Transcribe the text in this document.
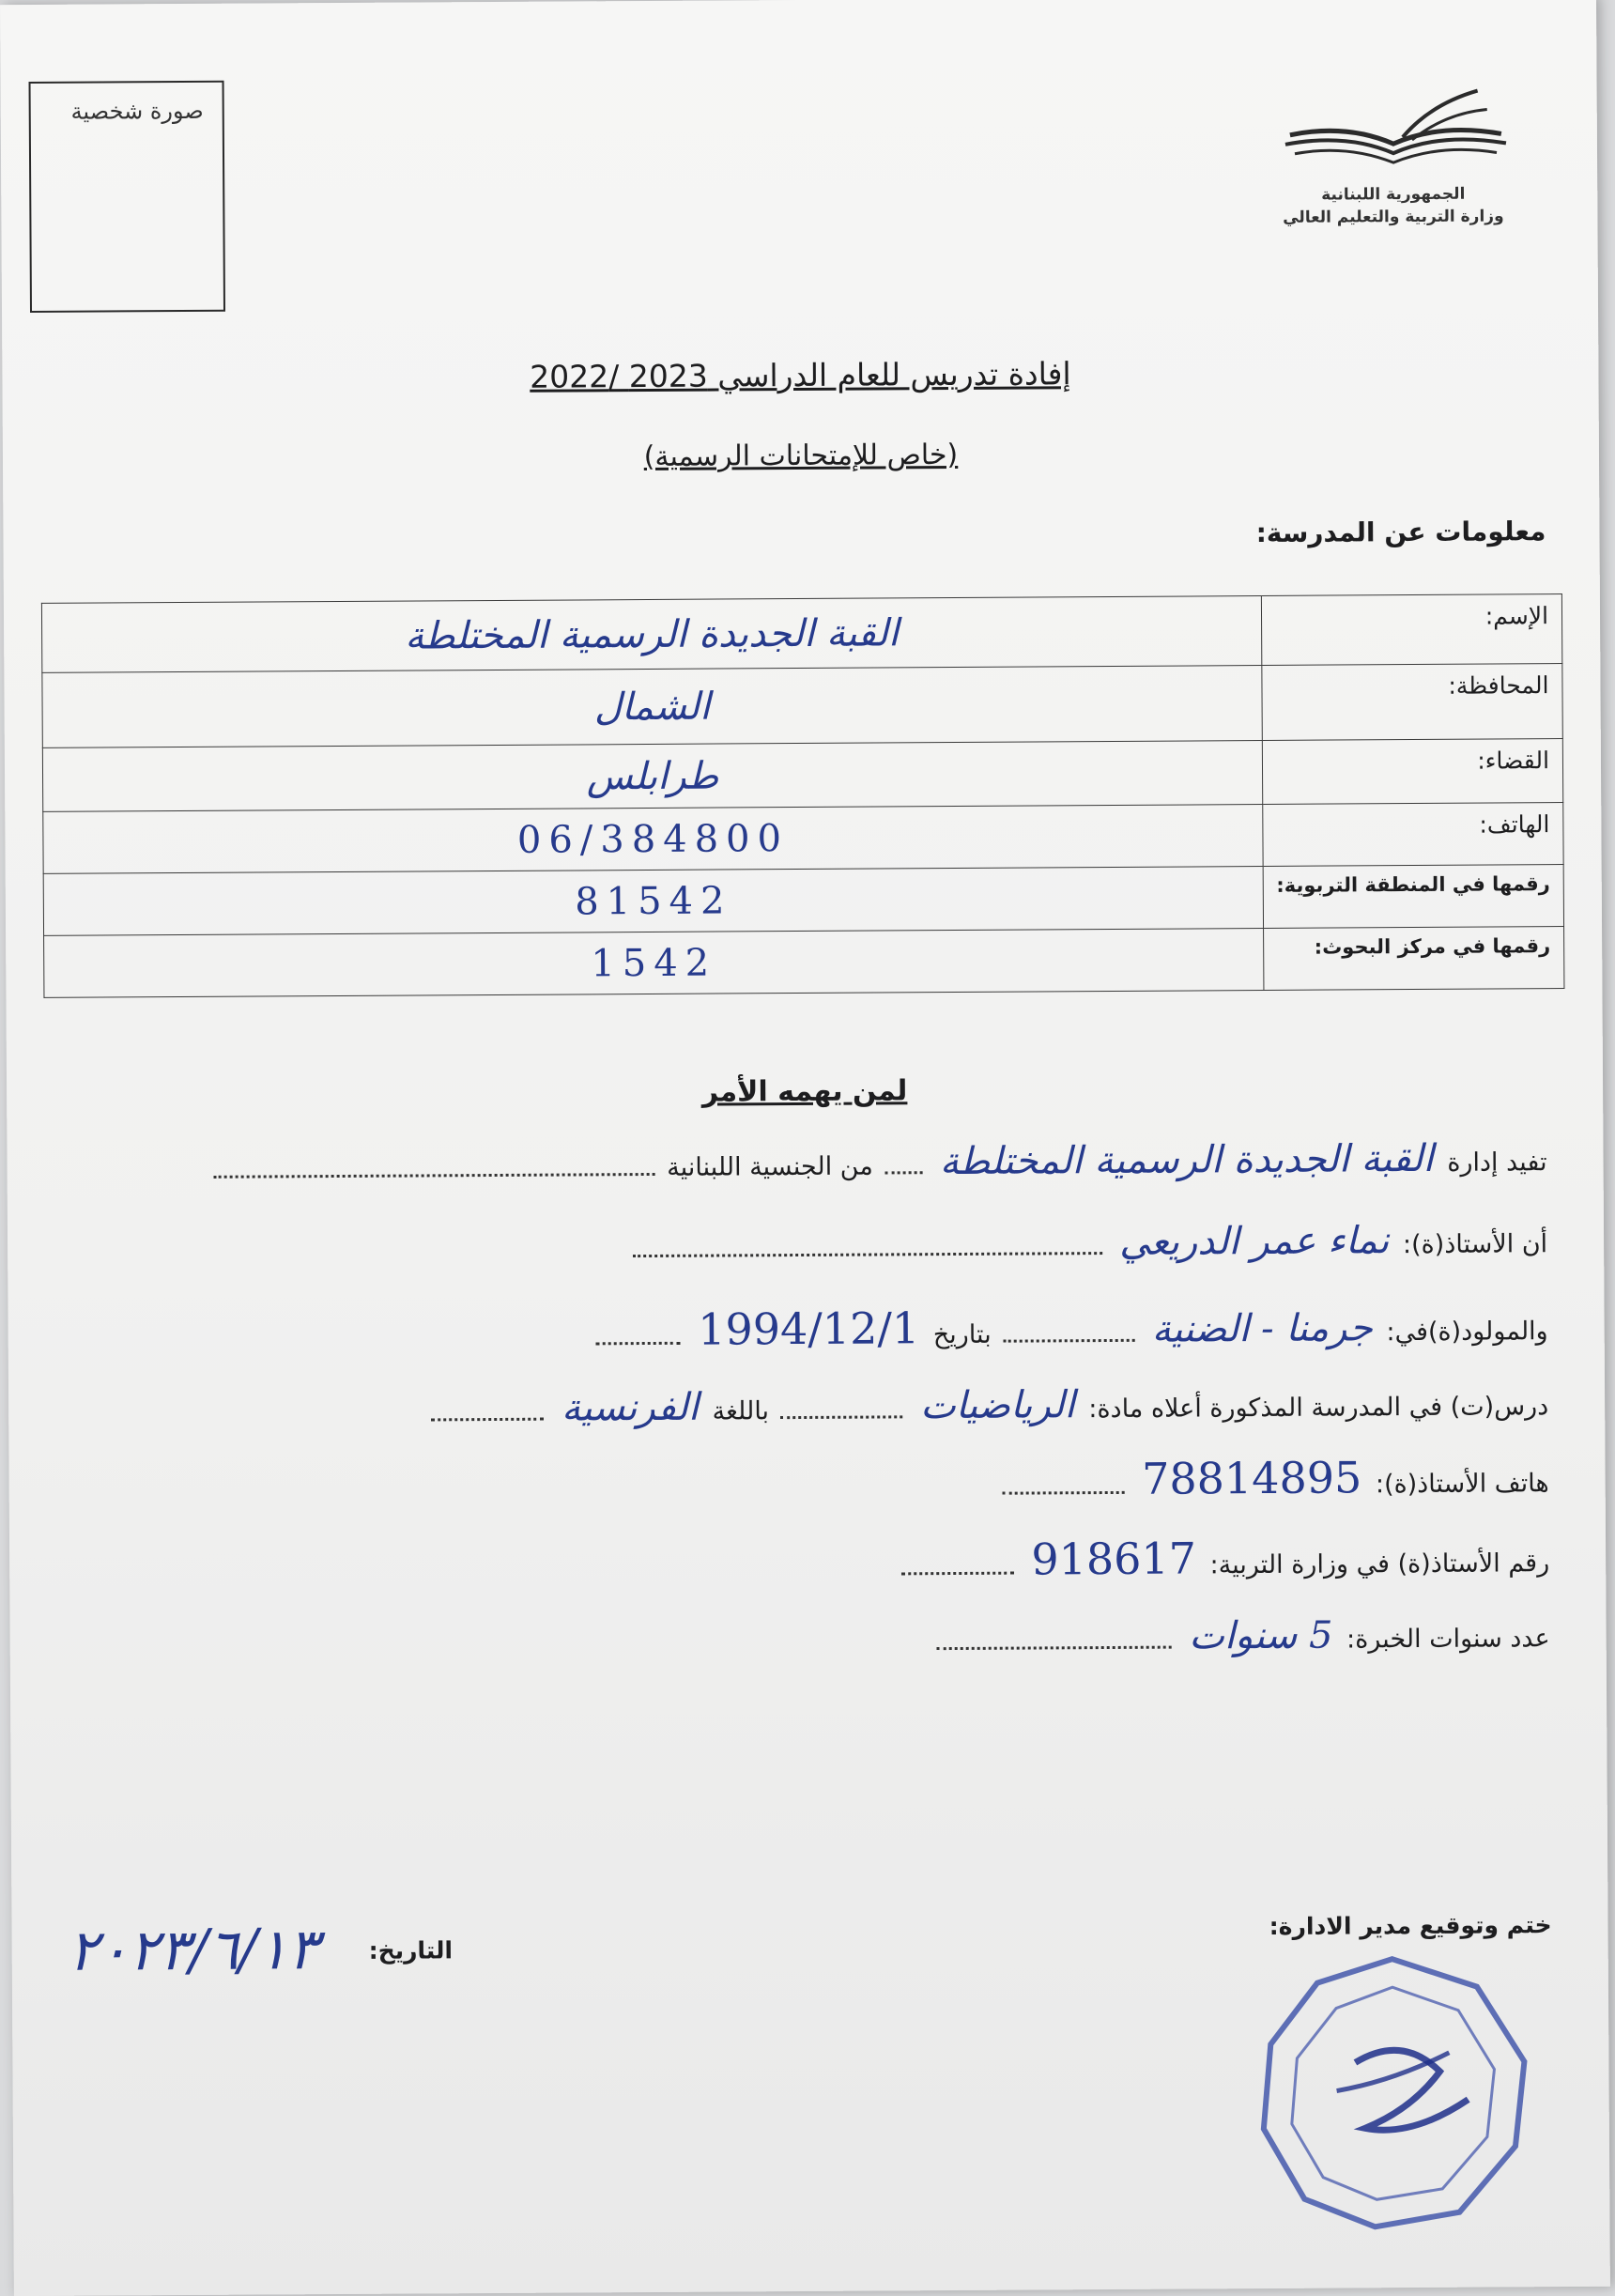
صورة شخصية
الجمهورية اللبنانية
وزارة التربية والتعليم العالي
إفادة تدريس للعام الدراسي 2023 /2022
(خاص للإمتحانات الرسمية)
معلومات عن المدرسة:
القبة الجديدة الرسمية المختلطة	الإسم:
الشمال	المحافظة:
طرابلس	القضاء:
06/384800	الهاتف:
81542	رقمها في المنطقة التربوية:
1542	رقمها في مركز البحوث:
لمن يهمه الأمر
تفيد إدارة القبة الجديدة الرسمية المختلطة  من الجنسية اللبنانية
أن الأستاذ(ة): نماء عمر الدريعي
والمولود(ة)في: جرمنا - الضنية  بتاريخ 1994/12/1
درس(ت) في المدرسة المذكورة أعلاه مادة: الرياضيات  باللغة الفرنسية
هاتف الأستاذ(ة): 78814895
رقم الأستاذ(ة) في وزارة التربية: 918617
عدد سنوات الخبرة: 5 سنوات
ختم وتوقيع مدير الادارة:
التاريخ:
٢٠٢٣/٦/١٣
